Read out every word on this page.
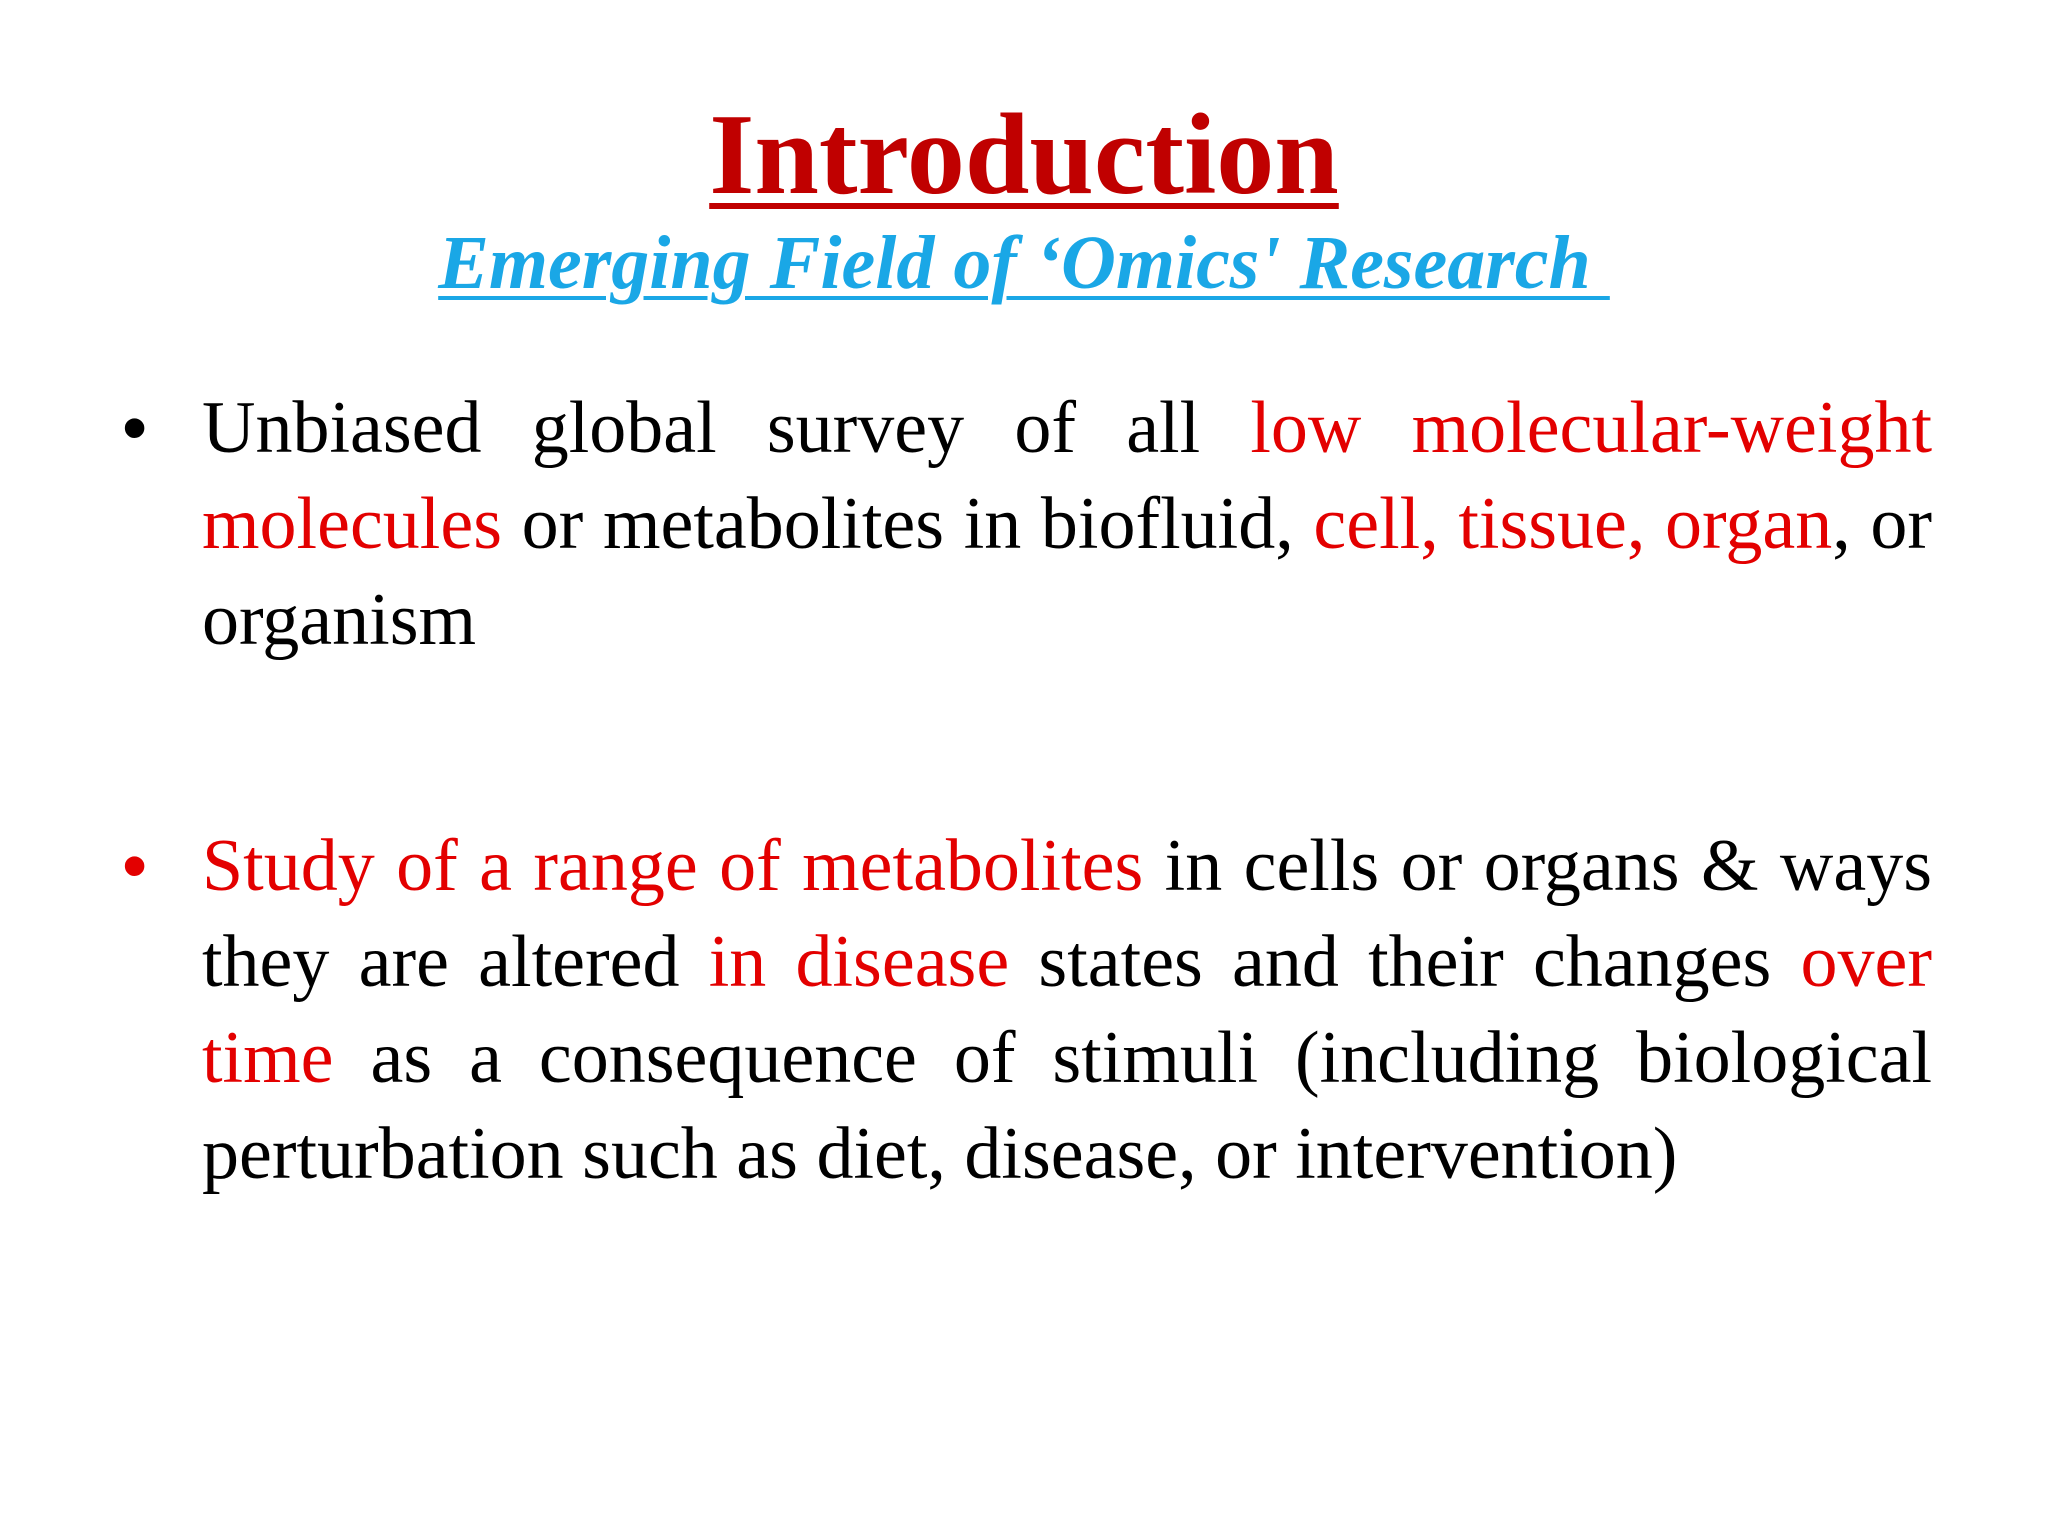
Introduction
Emerging Field of ‘Omics' Research
• Unbiased global survey of all low molecular-weight molecules or metabolites in biofluid, cell, tissue, organ, or organism
• Study of a range of metabolites in cells or organs & ways they are altered in disease states and their changes over time as a consequence of stimuli (including biological perturbation such as diet, disease, or intervention)
